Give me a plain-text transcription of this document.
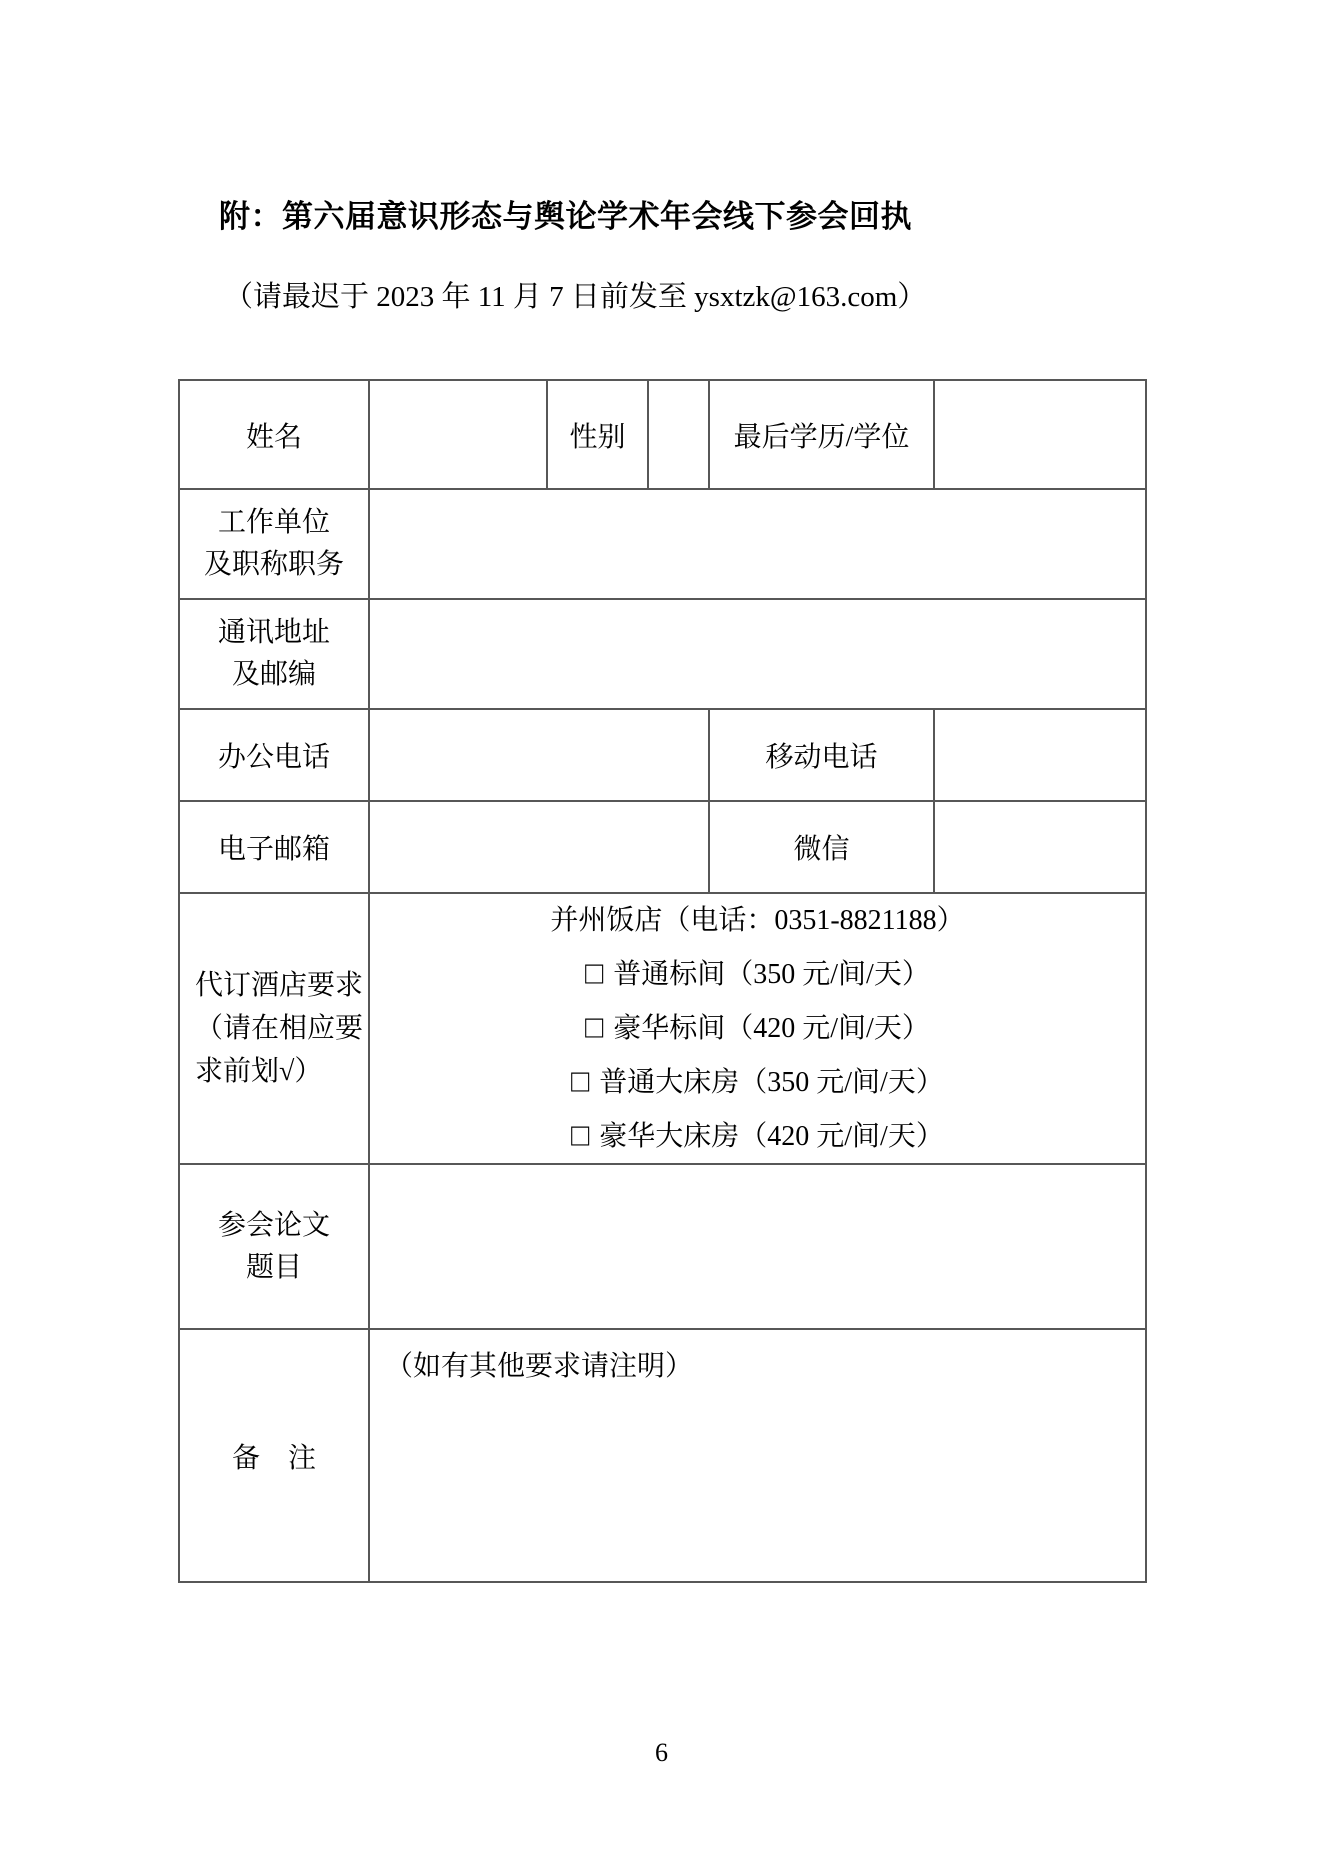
附：第六届意识形态与舆论学术年会线下参会回执
（请最迟于 2023 年 11 月 7 日前发至 ysxtzk@163.com）
姓名		性别		最后学历/学位	

工作单位
及职称职务					

通讯地址
及邮编					

办公电话				移动电话	
电子邮箱				微信	

代订酒店要求
（请在相应要
求前划√）

并州饭店（电话：0351-8821188）
□ 普通标间（350 元/间/天）
□ 豪华标间（420 元/间/天）
□ 普通大床房（350 元/间/天）
□ 豪华大床房（420 元/间/天）

参会论文
题目					

备　注	（如有其他要求请注明）				
6
